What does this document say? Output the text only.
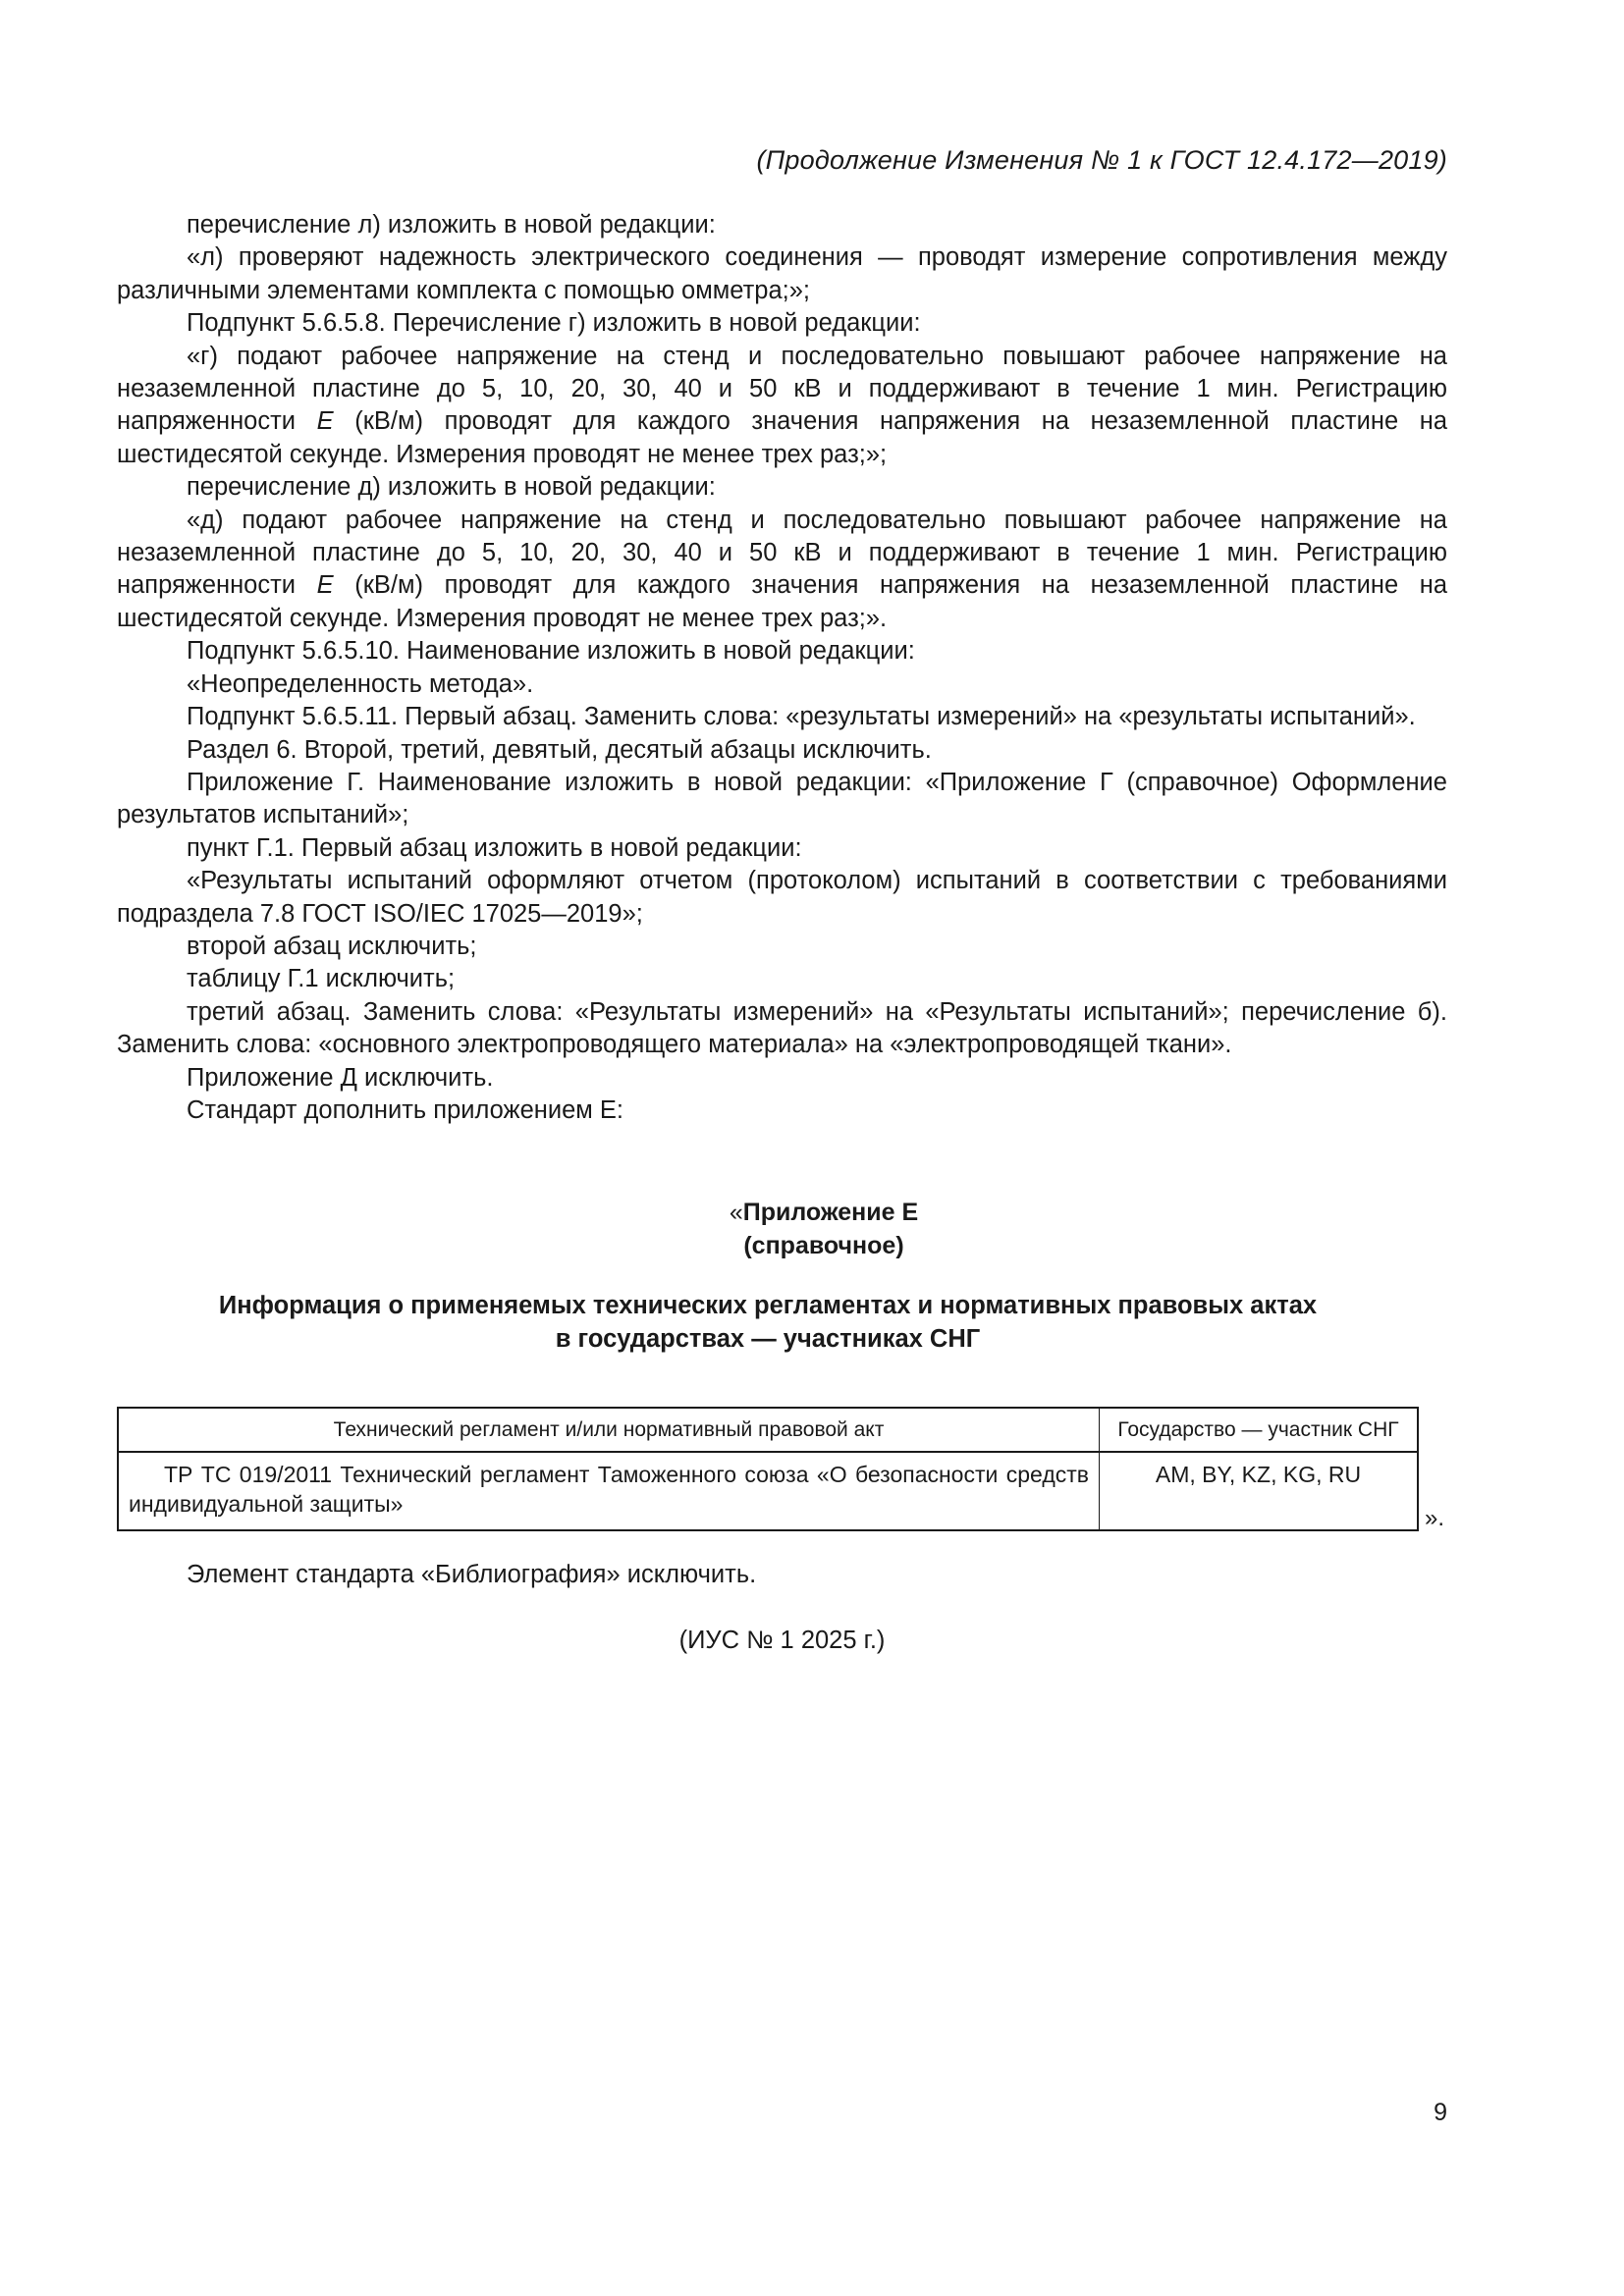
(Продолжение Изменения № 1 к ГОСТ 12.4.172—2019)

перечисление л) изложить в новой редакции:

«л) проверяют надежность электрического соединения — проводят измерение сопротивления между различными элементами комплекта с помощью омметра;»;

Подпункт 5.6.5.8. Перечисление г) изложить в новой редакции:

«г) подают рабочее напряжение на стенд и последовательно повышают рабочее напряжение на незаземленной пластине до 5, 10, 20, 30, 40 и 50 кВ и поддерживают в течение 1 мин. Регистрацию напряженности E (кВ/м) проводят для каждого значения напряжения на незаземленной пластине на шестидесятой секунде. Измерения проводят не менее трех раз;»;

перечисление д) изложить в новой редакции:

«д) подают рабочее напряжение на стенд и последовательно повышают рабочее напряжение на незаземленной пластине до 5, 10, 20, 30, 40 и 50 кВ и поддерживают в течение 1 мин. Регистрацию напряженности E (кВ/м) проводят для каждого значения напряжения на незаземленной пластине на шестидесятой секунде. Измерения проводят не менее трех раз;».

Подпункт 5.6.5.10. Наименование изложить в новой редакции:

«Неопределенность метода».

Подпункт 5.6.5.11. Первый абзац. Заменить слова: «результаты измерений» на «результаты испытаний».

Раздел 6. Второй, третий, девятый, десятый абзацы исключить.

Приложение Г. Наименование изложить в новой редакции: «Приложение Г (справочное) Оформление результатов испытаний»;

пункт Г.1. Первый абзац изложить в новой редакции:

«Результаты испытаний оформляют отчетом (протоколом) испытаний в соответствии с требованиями подраздела 7.8 ГОСТ ISO/IEC 17025—2019»;

второй абзац исключить;

таблицу Г.1 исключить;

третий абзац. Заменить слова: «Результаты измерений» на «Результаты испытаний»; перечисление б). Заменить слова: «основного электропроводящего материала» на «электропроводящей ткани».

Приложение Д исключить.

Стандарт дополнить приложением Е:

«Приложение Е
(справочное)
Информация о применяемых технических регламентах и нормативных правовых актах
в государствах — участниках СНГ
Технический регламент и/или нормативный правовой акт	Государство — участник СНГ
ТР ТС 019/2011 Технический регламент Таможенного союза «О безопасности средств индивидуальной защиты»	AM, BY, KZ, KG, RU
».
Элемент стандарта «Библиография» исключить.
(ИУС № 1 2025 г.)
9
